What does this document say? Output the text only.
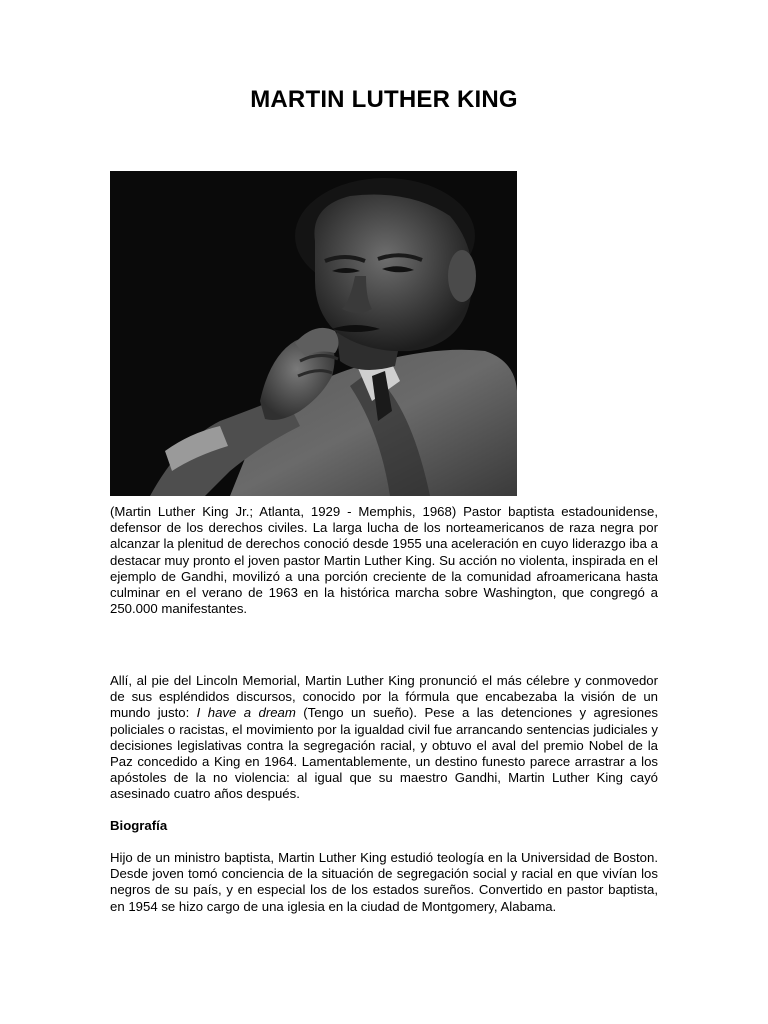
MARTIN LUTHER KING

(Martin Luther King Jr.; Atlanta, 1929 - Memphis, 1968) Pastor baptista estadounidense, defensor de los derechos civiles. La larga lucha de los norteamericanos de raza negra por alcanzar la plenitud de derechos conoció desde 1955 una aceleración en cuyo liderazgo iba a destacar muy pronto el joven pastor Martin Luther King. Su acción no violenta, inspirada en el ejemplo de Gandhi, movilizó a una porción creciente de la comunidad afroamericana hasta culminar en el verano de 1963 en la histórica marcha sobre Washington, que congregó a 250.000 manifestantes.

Allí, al pie del Lincoln Memorial, Martin Luther King pronunció el más célebre y conmovedor de sus espléndidos discursos, conocido por la fórmula que encabezaba la visión de un mundo justo: I have a dream (Tengo un sueño). Pese a las detenciones y agresiones policiales o racistas, el movimiento por la igualdad civil fue arrancando sentencias judiciales y decisiones legislativas contra la segregación racial, y obtuvo el aval del premio Nobel de la Paz concedido a King en 1964. Lamentablemente, un destino funesto parece arrastrar a los apóstoles de la no violencia: al igual que su maestro Gandhi, Martin Luther King cayó asesinado cuatro años después.

Biografía

Hijo de un ministro baptista, Martin Luther King estudió teología en la Universidad de Boston. Desde joven tomó conciencia de la situación de segregación social y racial en que vivían los negros de su país, y en especial los de los estados sureños. Convertido en pastor baptista, en 1954 se hizo cargo de una iglesia en la ciudad de Montgomery, Alabama.
